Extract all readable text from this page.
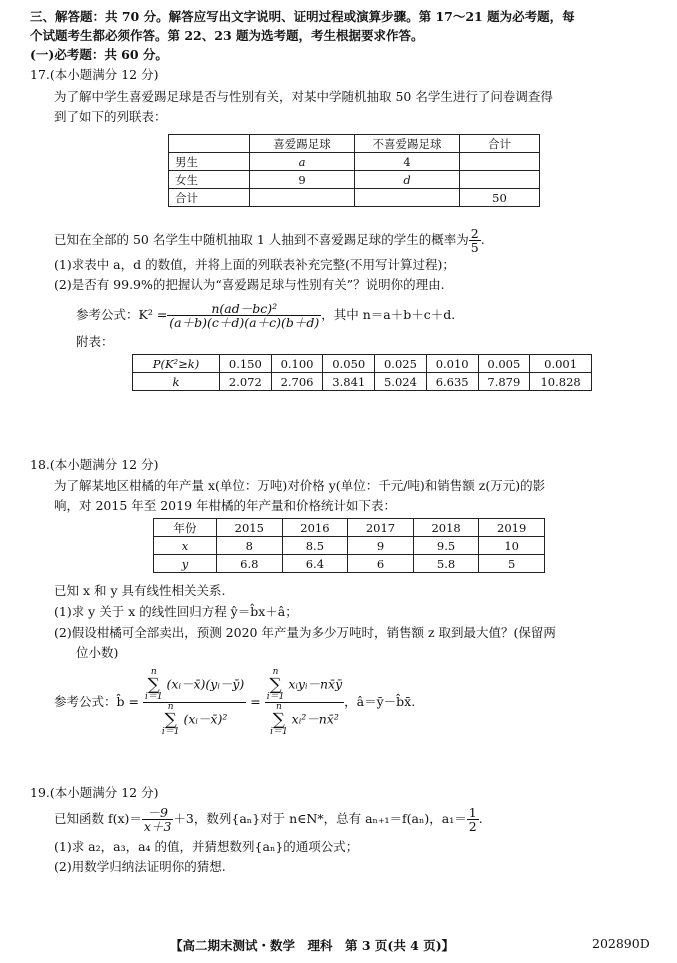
三、解答题：共 70 分。解答应写出文字说明、证明过程或演算步骤。第 17～21 题为必考题，每
个试题考生都必须作答。第 22、23 题为选考题，考生根据要求作答。
(一)必考题：共 60 分。
17.(本小题满分 12 分)
为了解中学生喜爱踢足球是否与性别有关，对某中学随机抽取 50 名学生进行了问卷调查得
到了如下的列联表：
	喜爱踢足球	不喜爱踢足球	合计
男生	a	4	
女生	9	d	
合计			50
已知在全部的 50 名学生中随机抽取 1 人抽到不喜爱踢足球的学生的概率为 $\frac{2}{5}$ .
(1)求表中 a，d 的数值，并将上面的列联表补充完整(不用写计算过程)；
(2)是否有 99.9%的把握认为“喜爱踢足球与性别有关”？说明你的理由.
参考公式：$K^2 = \frac{\text{n(ad－bc)²}}{(a+b)(c+d)(a+c)(b+d)}$ ，其中 n＝a＋b＋c＋d.
附表：
P(K²≥k)	0.150	0.100	0.050	0.025	0.010	0.005	0.001
k	2.072	2.706	3.841	5.024	6.635	7.879	10.828
18.(本小题满分 12 分)
为了解某地区柑橘的年产量 x(单位：万吨)对价格 y(单位：千元/吨)和销售额 z(万元)的影
响，对 2015 年至 2019 年柑橘的年产量和价格统计如下表：
年份	2015	2016	2017	2018	2019
x	8	8.5	9	9.5	10
y	6.8	6.4	6	5.8	5
已知 x 和 y 具有线性相关关系.
(1)求 y 关于 x 的线性回归方程 ŷ＝b̂x＋â；
(2)假设柑橘可全部卖出，预测 2020 年产量为多少万吨时，销售额 z 取到最大值？(保留两
位小数)
参考公式：b̂ = n
∑
i＝1 (xᵢ－x̄)(yᵢ－ȳ)
n
∑
i＝1 (xᵢ－x̄)² = n
∑
i＝1 xᵢyᵢ－nx̄ȳ
n
∑
i＝1 xᵢ²－nx̄² ，â＝ȳ－b̂x̄.
19.(本小题满分 12 分)
已知函数 $f(x)= \frac{-9}{x+3} +3$，数列{aₙ}对于 n∈N*，总有 aₙ₊₁＝f(aₙ)，$a_1= \frac{1}{2}$ .
(1)求 a₂，a₃，a₄ 的值，并猜想数列{aₙ}的通项公式；
(2)用数学归纳法证明你的猜想.
【高二期末测试・数学　理科　第 3 页(共 4 页)】	202890D
